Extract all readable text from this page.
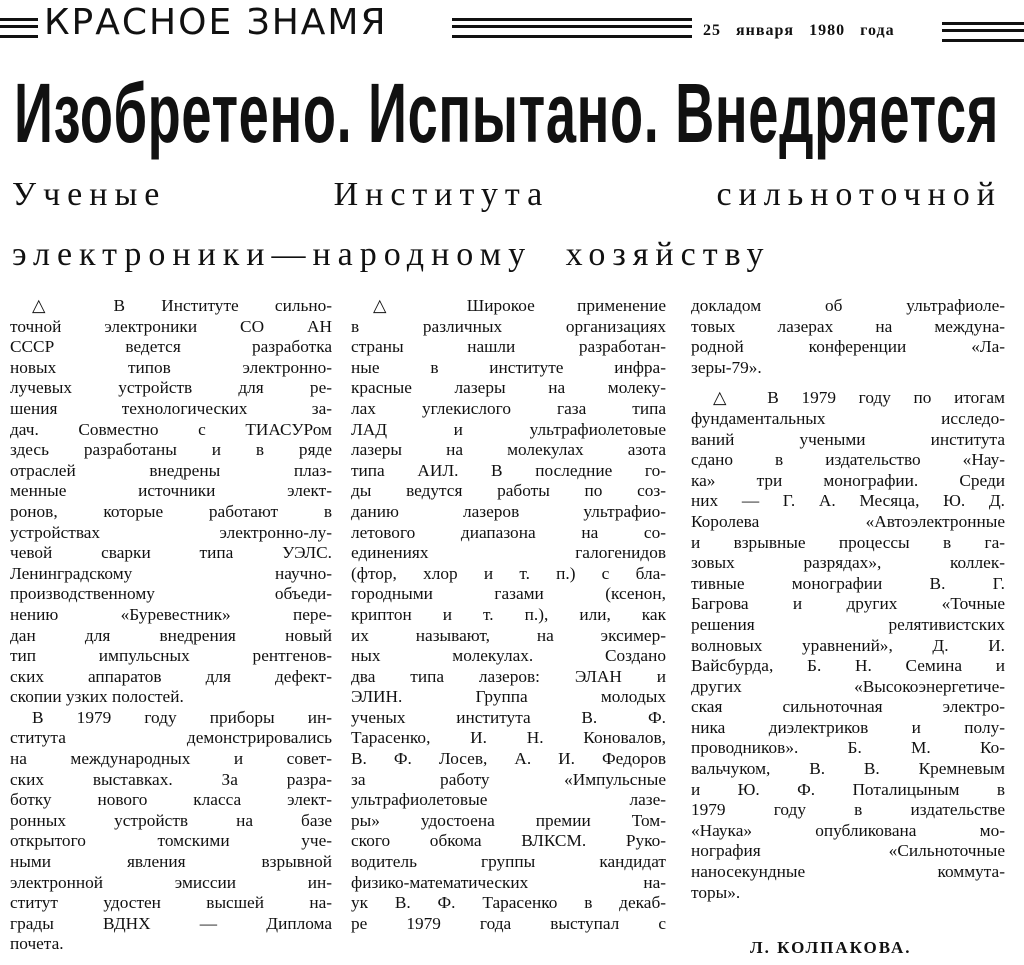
КРАСНОЕ ЗНАМЯ	25 января 1980 года
Изобретено. Испытано. Внедряется
Ученые Института сильноточной
электроники—народному хозяйству
△ В Институте сильно-
точной электроники СО АН
СССР ведется разработка
новых типов электронно-
лучевых устройств для ре-
шения технологических за-
дач. Совместно с ТИАСУРом
здесь разработаны и в ряде
отраслей внедрены плаз-
менные источники элект-
ронов, которые работают в
устройствах электронно-лу-
чевой сварки типа УЭЛС.
Ленинградскому научно-
производственному объеди-
нению «Буревестник» пере-
дан для внедрения новый
тип импульсных рентгенов-
ских аппаратов для дефект-
скопии узких полостей.
В 1979 году приборы ин-
ститута демонстрировались
на международных и совет-
ских выставках. За разра-
ботку нового класса элект-
ронных устройств на базе
открытого томскими уче-
ными явления взрывной
электронной эмиссии ин-
ститут удостен высшей на-
грады ВДНХ — Диплома
почета.
△ Широкое применение
в различных организациях
страны нашли разработан-
ные в институте инфра-
красные лазеры на молеку-
лах углекислого газа типа
ЛАД и ультрафиолетовые
лазеры на молекулах азота
типа АИЛ. В последние го-
ды ведутся работы по соз-
данию лазеров ультрафио-
летового диапазона на со-
единениях галогенидов
(фтор, хлор и т. п.) с бла-
городными газами (ксенон,
криптон и т. п.), или, как
их называют, на эксимер-
ных молекулах. Создано
два типа лазеров: ЭЛАН и
ЭЛИН. Группа молодых
ученых института В. Ф.
Тарасенко, И. Н. Коновалов,
В. Ф. Лосев, А. И. Федоров
за работу «Импульсные
ультрафиолетовые лазе-
ры» удостоена премии Том-
ского обкома ВЛКСМ. Руко-
водитель группы кандидат
физико-математических на-
ук В. Ф. Тарасенко в декаб-
ре 1979 года выступал с
докладом об ультрафиоле-
товых лазерах на междуна-
родной конференции «Ла-
зеры-79».
△ В 1979 году по итогам
фундаментальных исследо-
ваний учеными института
сдано в издательство «Нау-
ка» три монографии. Среди
них — Г. А. Месяца, Ю. Д.
Королева «Автоэлектронные
и взрывные процессы в га-
зовых разрядах», коллек-
тивные монографии В. Г.
Багрова и других «Точные
решения релятивистских
волновых уравнений», Д. И.
Вайсбурда, Б. Н. Семина и
других «Высокоэнергетиче-
ская сильноточная электро-
ника диэлектриков и полу-
проводников». Б. М. Ко-
вальчуком, В. В. Кремневым
и Ю. Ф. Поталицыным в
1979 году в издательстве
«Наука» опубликована мо-
нография «Сильноточные
наносекундные коммута-
торы».
Л. КОЛПАКОВА.
